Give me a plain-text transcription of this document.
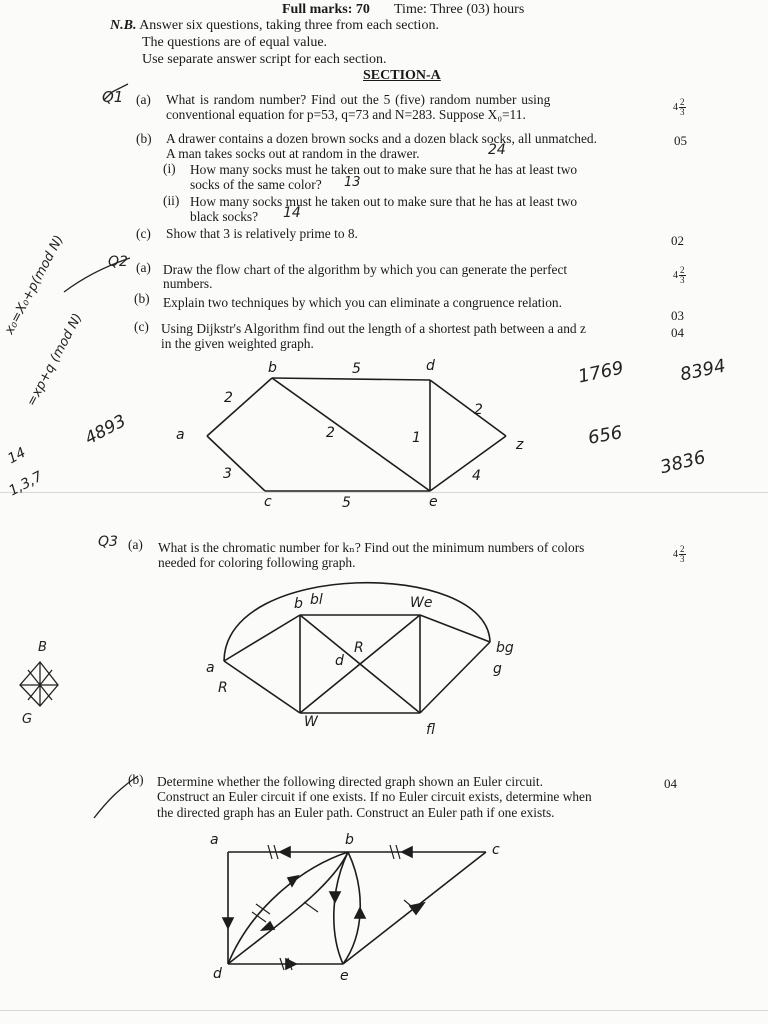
Full marks: 70 Time: Three (03) hours
N.B. Answer six questions, taking three from each section.
The questions are of equal value.
Use separate answer script for each section.
SECTION-A
Q1 (a) What is random number? Find out the 5 (five) random number using
conventional equation for p=53, q=73 and N=283. Suppose X₀=11.	$4 \frac{2}{3}$
(b) A drawer contains a dozen brown socks and a dozen black socks, all unmatched.	05
A man takes socks out at random in the drawer.
(i) How many socks must he taken out to make sure that he has at least two
socks of the same color?
(ii) How many socks must he taken out to make sure that he has at least two
black socks?
(c) Show that 3 is relatively prime to 8.	02
Q2 (a) Draw the flow chart of the algorithm by which you can generate the perfect
numbers.
$4 \frac{2}{3}$
(b) Explain two techniques by which you can eliminate a congruence relation.
03
(c) Using Dijkstr's Algorithm find out the length of a shortest path between a and z	04
in the given weighted graph.
a
b
c
d
e
z
2
3
5
2
5
1
2
4
Q3 (a) What is the chromatic number for kₙ? Find out the minimum numbers of colors
needed for coloring following graph.
$4 \frac{2}{3}$
a
b
d	g
R
bl
W
R
We
fl
bg
B
G
(b) Determine whether the following directed graph shown an Euler circuit.	04
Construct an Euler circuit if one exists. If no Euler circuit exists, determine when
the directed graph has an Euler path. Construct an Euler path if one exists.
a	b
c
d	e
x₀=X₀+p(mod N)
=xp+q (mod N)
4893
1769	8394
656
3836
14
1,3,7
24
13
14
